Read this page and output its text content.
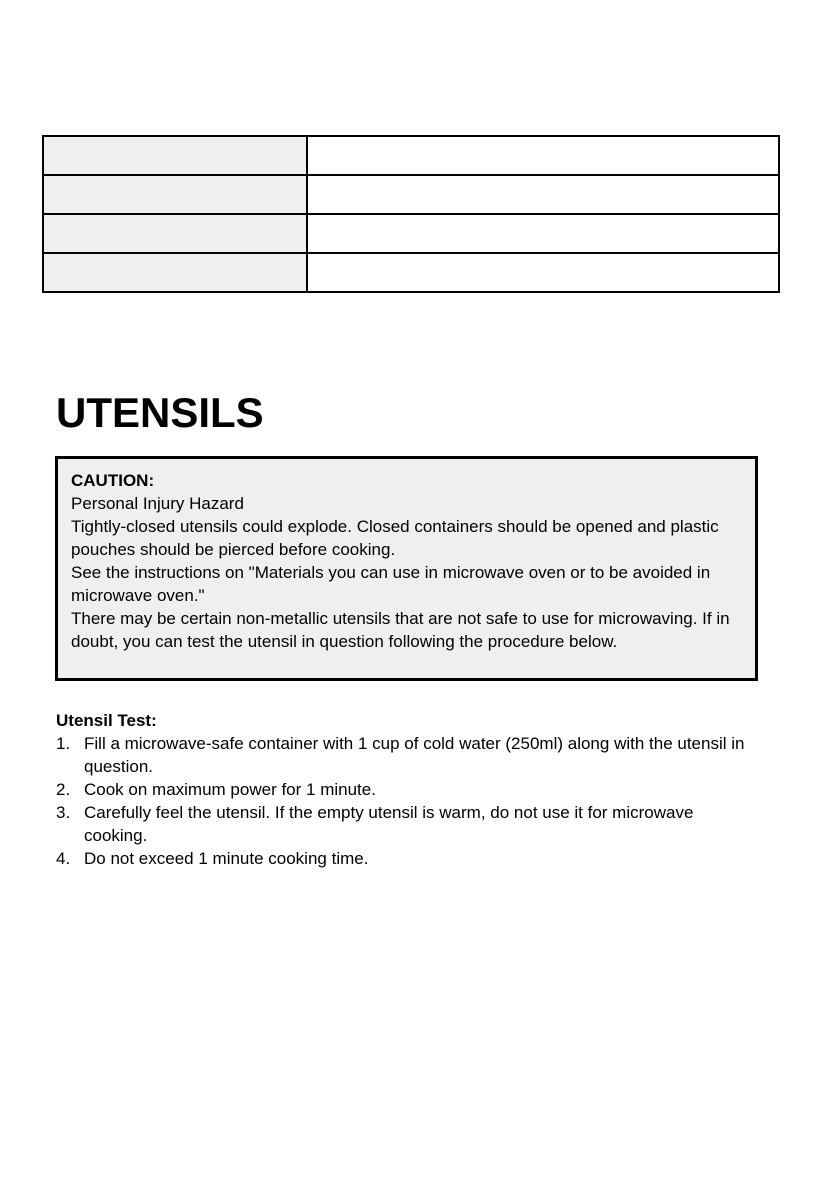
UTENSILS

CAUTION:

Personal Injury Hazard

Tightly-closed utensils could explode. Closed containers should be opened and plastic pouches should be pierced before cooking.

See the instructions on "Materials you can use in microwave oven or to be avoided in microwave oven."

There may be certain non-metallic utensils that are not safe to use for microwaving. If in doubt, you can test the utensil in question following the procedure below.

Utensil Test:

1. Fill a microwave-safe container with 1 cup of cold water (250ml) along with the utensil in question.
2. Cook on maximum power for 1 minute.
3. Carefully feel the utensil. If the empty utensil is warm, do not use it for microwave cooking.
4. Do not exceed 1 minute cooking time.
